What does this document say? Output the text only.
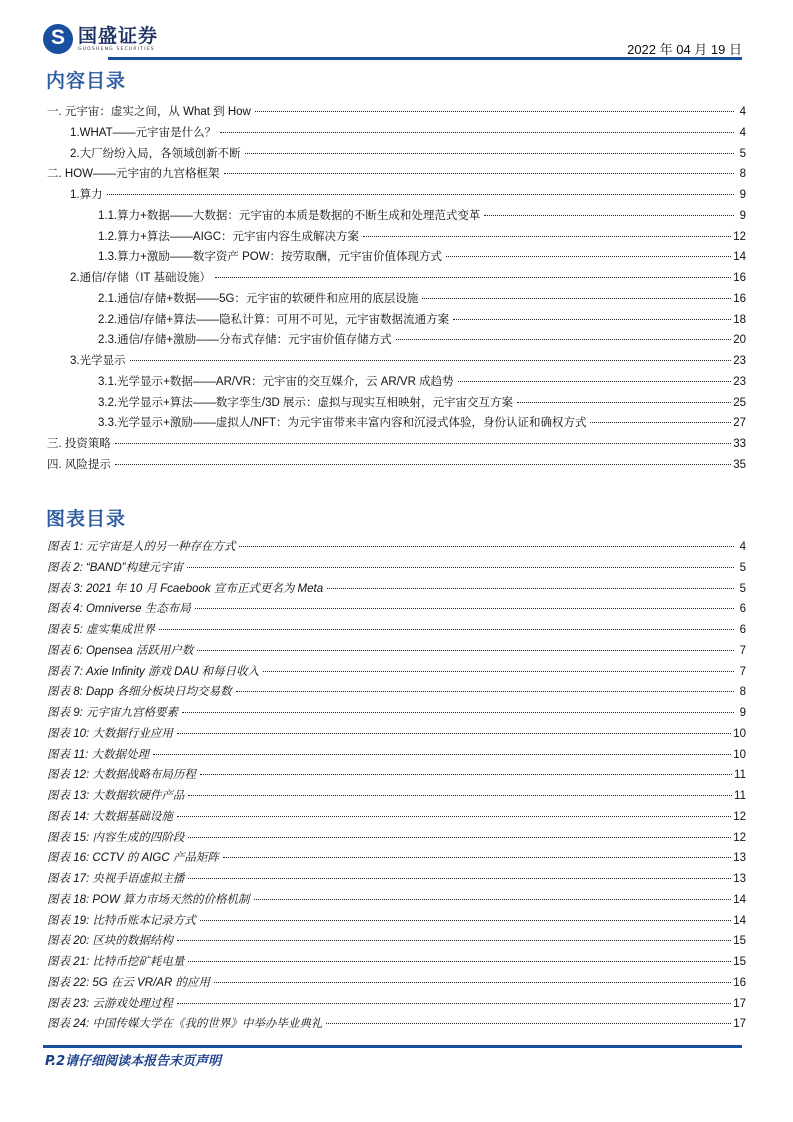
S
国盛证券
GUOSHENG SECURITIES	2022 年 04 月 19 日
内容目录
一. 元宇宙：虚实之间，从 What 到 How	4
1.WHAT——元宇宙是什么？	4
2.大厂纷纷入局，各领域创新不断	5
二. HOW——元宇宙的九宫格框架	8
1.算力	9
1.1.算力+数据——大数据：元宇宙的本质是数据的不断生成和处理范式变革	9
1.2.算力+算法——AIGC：元宇宙内容生成解决方案	12
1.3.算力+激励——数字资产 POW：按劳取酬，元宇宙价值体现方式	14
2.通信/存储（IT 基础设施）	16
2.1.通信/存储+数据——5G：元宇宙的软硬件和应用的底层设施	16
2.2.通信/存储+算法——隐私计算：可用不可见，元宇宙数据流通方案	18
2.3.通信/存储+激励——分布式存储：元宇宙价值存储方式	20
3.光学显示	23
3.1.光学显示+数据——AR/VR：元宇宙的交互媒介，云 AR/VR 成趋势	23
3.2.光学显示+算法——数字孪生/3D 展示：虚拟与现实互相映射，元宇宙交互方案	25
3.3.光学显示+激励——虚拟人/NFT：为元宇宙带来丰富内容和沉浸式体验，身份认证和确权方式	27
三. 投资策略	33
四. 风险提示	35
图表目录
图表 1: 元宇宙是人的另一种存在方式	4
图表 2: “BAND”构建元宇宙	5
图表 3: 2021 年 10 月 Fcaebook 宣布正式更名为 Meta	5
图表 4: Omniverse 生态布局	6
图表 5: 虚实集成世界	6
图表 6: Opensea 活跃用户数	7
图表 7: Axie Infinity 游戏 DAU 和每日收入	7
图表 8: Dapp 各细分板块日均交易数	8
图表 9: 元宇宙九宫格要素	9
图表 10: 大数据行业应用	10
图表 11: 大数据处理	10
图表 12: 大数据战略布局历程	11
图表 13: 大数据软硬件产品	11
图表 14: 大数据基础设施	12
图表 15: 内容生成的四阶段	12
图表 16: CCTV 的 AIGC 产品矩阵	13
图表 17: 央视手语虚拟主播	13
图表 18: POW 算力市场天然的价格机制	14
图表 19: 比特币账本记录方式	14
图表 20: 区块的数据结构	15
图表 21: 比特币挖矿耗电量	15
图表 22: 5G 在云 VR/AR 的应用	16
图表 23: 云游戏处理过程	17
图表 24: 中国传媒大学在《我的世界》中举办毕业典礼	17
P.2请仔细阅读本报告末页声明
